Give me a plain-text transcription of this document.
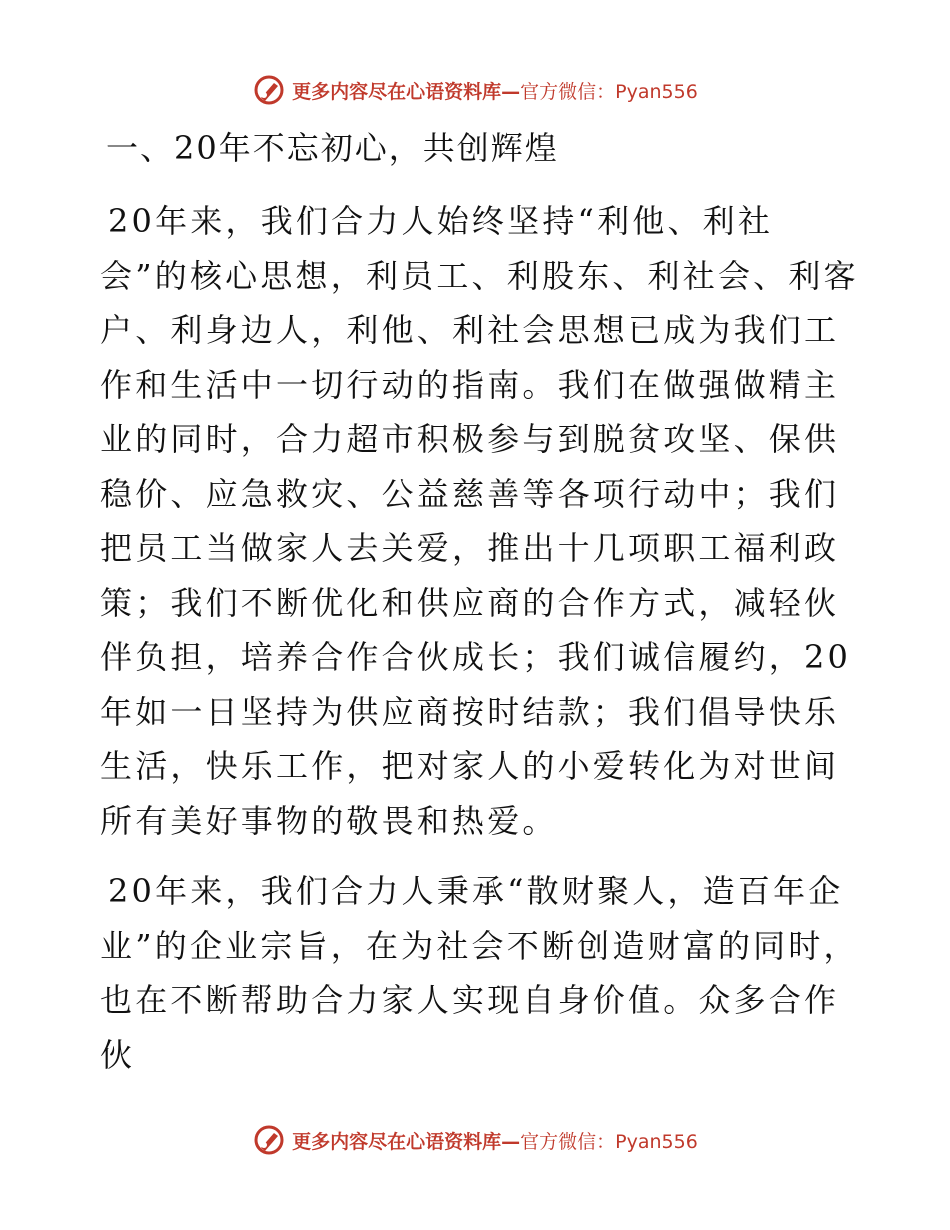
更多内容尽在心语资料库—官方微信：Pyan556
一、20年不忘初心，共创辉煌

20年来，我们合力人始终坚持“利他、利社会”的核心思想，利员工、利股东、利社会、利客户、利身边人，利他、利社会思想已成为我们工作和生活中一切行动的指南。我们在做强做精主业的同时，合力超市积极参与到脱贫攻坚、保供稳价、应急救灾、公益慈善等各项行动中；我们把员工当做家人去关爱，推出十几项职工福利政策；我们不断优化和供应商的合作方式，减轻伙伴负担，培养合作合伙成长；我们诚信履约，20年如一日坚持为供应商按时结款；我们倡导快乐生活，快乐工作，把对家人的小爱转化为对世间所有美好事物的敬畏和热爱。

20年来，我们合力人秉承“散财聚人，造百年企业”的企业宗旨，在为社会不断创造财富的同时，也在不断帮助合力家人实现自身价值。众多合作伙

更多内容尽在心语资料库—官方微信：Pyan556
